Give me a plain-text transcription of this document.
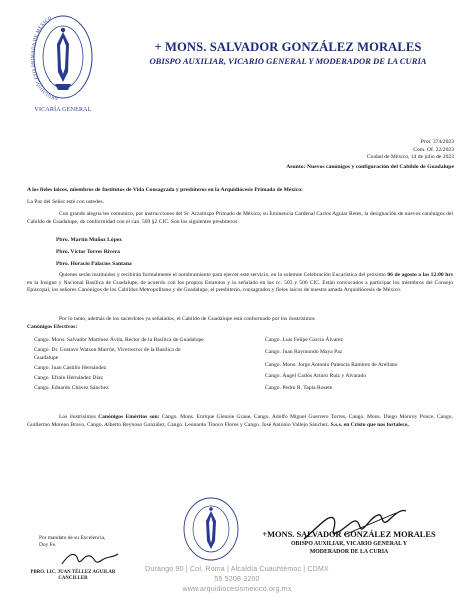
ARQUIDIÓCESIS PRIMADA DE MÉXICO
VICARÍA GENERAL
+ MONS. SALVADOR GONZÁLEZ MORALES
OBISPO AUXILIAR, VICARIO GENERAL Y MODERADOR DE LA CURIA
Prot. 374/2023
Com. Of. 22/2023
Ciudad de México, 14 de julio de 2023
Asunto: Nuevos canónigos y configuración del Cabildo de Guadalupe
A los fieles laicos, miembros de Institutos de Vida Consagrada y presbíteros en la Arquidiócesis Primada de México:
La Paz del Señor esté con ustedes.
Con grande alegría les comunico, por instrucciones del Sr. Arzobispo Primado de México, su Eminencia Cardenal Carlos Aguiar Retes, la designación de nuevos canónigos del Cabildo de Guadalupe, de conformidad con el can. 509 §2 CIC. Son los siguientes presbíteros:
Pbro. Martín Muñoz López
Pbro. Víctor Torres Rivera
Pbro. Horacio Palacios Santana
Quienes serán instituidos y recibirán formalmente el nombramiento para ejercer este servicio, en la solemne Celebración Eucarística del próximo 06 de agosto a las 12:00 hrs en la Insigne y Nacional Basílica de Guadalupe, de acuerdo con los propios Estatutos y lo señalado en los cc. 503 y 506 CIC. Están convocados a participar los miembros del Consejo Episcopal, los señores Canónigos de los Cabildos Metropolitano y de Guadalupe, el presbiterio, consagrados y fieles laicos de nuestra amada Arquidiócesis de México.
Por lo tanto, además de los sacerdotes ya señalados, el Cabildo de Guadalupe está conformado por los ilustrísimos
Canónigos Efectivos:
Cango. Mons. Salvador Martínez Ávila, Rector de la Basílica de Guadalupe
Cango. Dr. Gustavo Watson Marrón, Vicerrector de la Basílica de Guadalupe
Cango. Juan Castillo Hernández
Cango. Efraín Hernández Díaz
Cango. Eduardo Chávez Sánchez
Cango. Luis Felipe García Álvarez
Cango. Juan Raymundo Maya Paz
Cango. Mons. Jorge Antonio Palencia Ramírez de Arellano
Cango. Ángel Carlos Arturo Ruiz y Alvarado
Cango. Pedro R. Tapia Rosete
Los ilustrísimos Canónigos Eméritos son: Cango. Mons. Enrique Glennie Graue, Cango. Adolfo Miguel Guerrero Torres, Cango. Mons. Diego Monroy Ponce, Cango. Guillermo Moreno Bravo, Cango. Alberto Reynoso González, Cango. Leonardo Tinoco Flores y Cango. José Antonio Vallejo Sánchez. S.s.s. en Cristo que nos fortalece,
+MONS. SALVADOR GONZÁLEZ MORALES
OBISPO AUXILIAR, VICARIO GENERAL Y
MODERADOR DE LA CURIA
Por mandato de su Excelencia,
Doy Fe.
PBRO. LIC. JUAN TÉLLEZ AGUILAR
CANCILLER
Durango 90 | Col. Roma | Alcaldía Cuauhtémoc | CDMX
55 5208 3200
www.arquidiocesismexico.org.mx
